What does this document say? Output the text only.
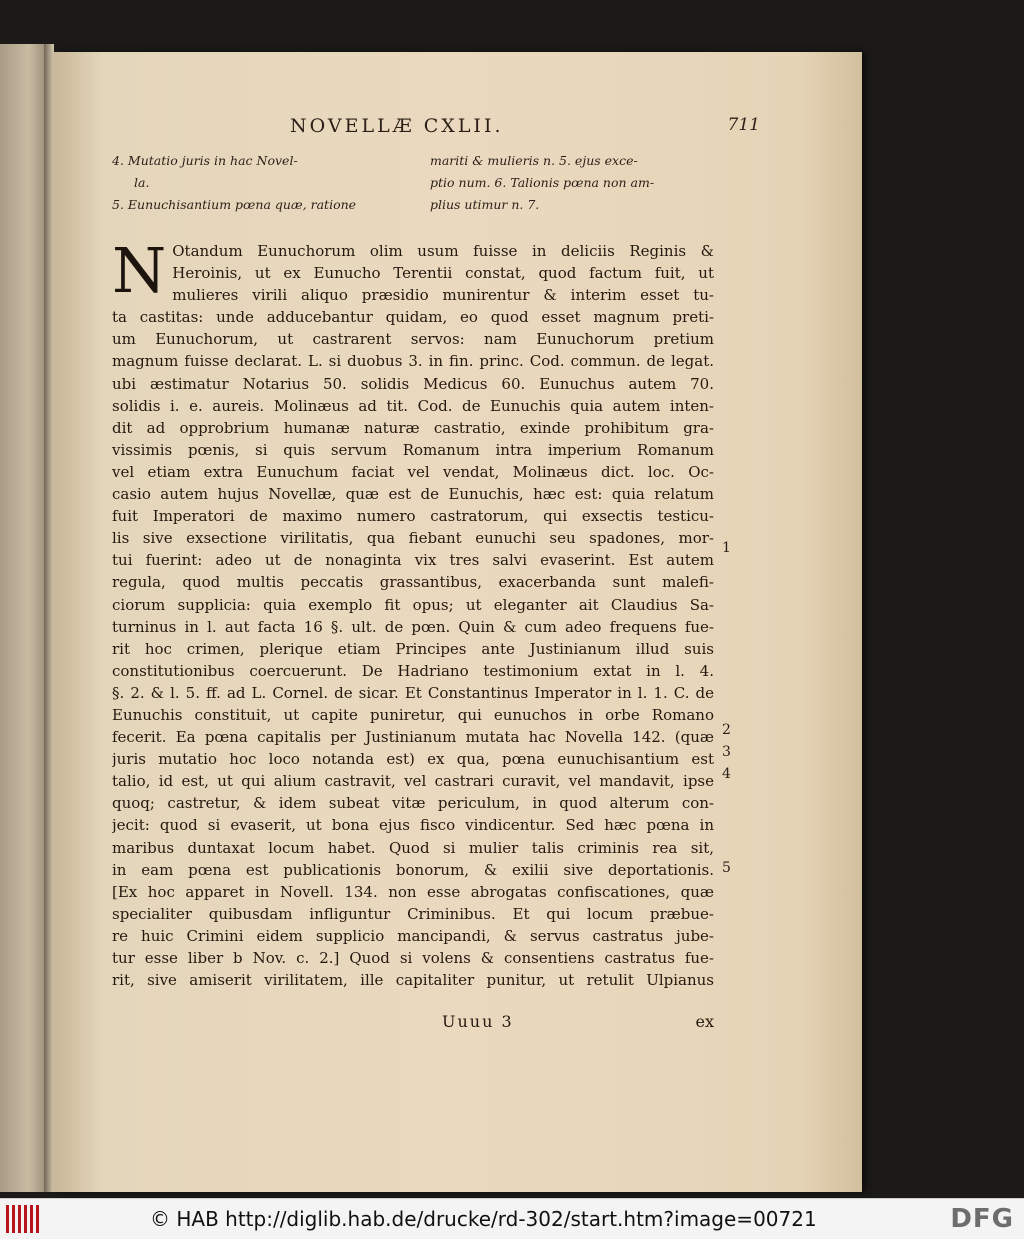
NOVELLÆ CXLII.	711
4. Mutatio juris in hac Novel-
la.
5. Eunuchisantium pœna quæ, ratione
mariti & mulieris n. 5. ejus exce-
ptio num. 6. Talionis pœna non am-
plius utimur n. 7.
N Otandum Eunuchorum olim usum fuisse in deliciis Reginis &
Heroinis, ut ex Eunucho Terentii constat, quod factum fuit, ut
mulieres virili aliquo præsidio munirentur & interim esset tu-
ta castitas: unde adducebantur quidam, eo quod esset magnum preti-
um Eunuchorum, ut castrarent servos: nam Eunuchorum pretium
magnum fuisse declarat. L. si duobus 3. in fin. princ. Cod. commun. de legat.
ubi æstimatur Notarius 50. solidis Medicus 60. Eunuchus autem 70.
solidis i. e. aureis. Molinæus ad tit. Cod. de Eunuchis quia autem inten-
dit ad opprobrium humanæ naturæ castratio, exinde prohibitum gra-
vissimis pœnis, si quis servum Romanum intra imperium Romanum
vel etiam extra Eunuchum faciat vel vendat, Molinæus dict. loc. Oc-
casio autem hujus Novellæ, quæ est de Eunuchis, hæc est: quia relatum
fuit Imperatori de maximo numero castratorum, qui exsectis testicu-
lis sive exsectione virilitatis, qua fiebant eunuchi seu spadones, mor-
tui fuerint: adeo ut de nonaginta vix tres salvi evaserint. Est autem
regula, quod multis peccatis grassantibus, exacerbanda sunt malefi-
ciorum supplicia: quia exemplo fit opus; ut eleganter ait Claudius Sa-
turninus in l. aut facta 16 §. ult. de pœn. Quin & cum adeo frequens fue-
rit hoc crimen, plerique etiam Principes ante Justinianum illud suis
constitutionibus coercuerunt. De Hadriano testimonium extat in l. 4.
§. 2. & l. 5. ff. ad L. Cornel. de sicar. Et Constantinus Imperator in l. 1. C. de
Eunuchis constituit, ut capite puniretur, qui eunuchos in orbe Romano
fecerit. Ea pœna capitalis per Justinianum mutata hac Novella 142. (quæ
juris mutatio hoc loco notanda est) ex qua, pœna eunuchisantium est
talio, id est, ut qui alium castravit, vel castrari curavit, vel mandavit, ipse
quoq; castretur, & idem subeat vitæ periculum, in quod alterum con-
jecit: quod si evaserit, ut bona ejus fisco vindicentur. Sed hæc pœna in
maribus duntaxat locum habet. Quod si mulier talis criminis rea sit,
in eam pœna est publicationis bonorum, & exilii sive deportationis.
[Ex hoc apparet in Novell. 134. non esse abrogatas confiscationes, quæ
specialiter quibusdam infliguntur Criminibus. Et qui locum præbue-
re huic Crimini eidem supplicio mancipandi, & servus castratus jube-
tur esse liber b Nov. c. 2.] Quod si volens & consentiens castratus fue-
rit, sive amiserit virilitatem, ille capitaliter punitur, ut retulit Ulpianus
1
2
3
4
5
Uuuu 3	ex
© HAB http://diglib.hab.de/drucke/rd-302/start.htm?image=00721	DFG
